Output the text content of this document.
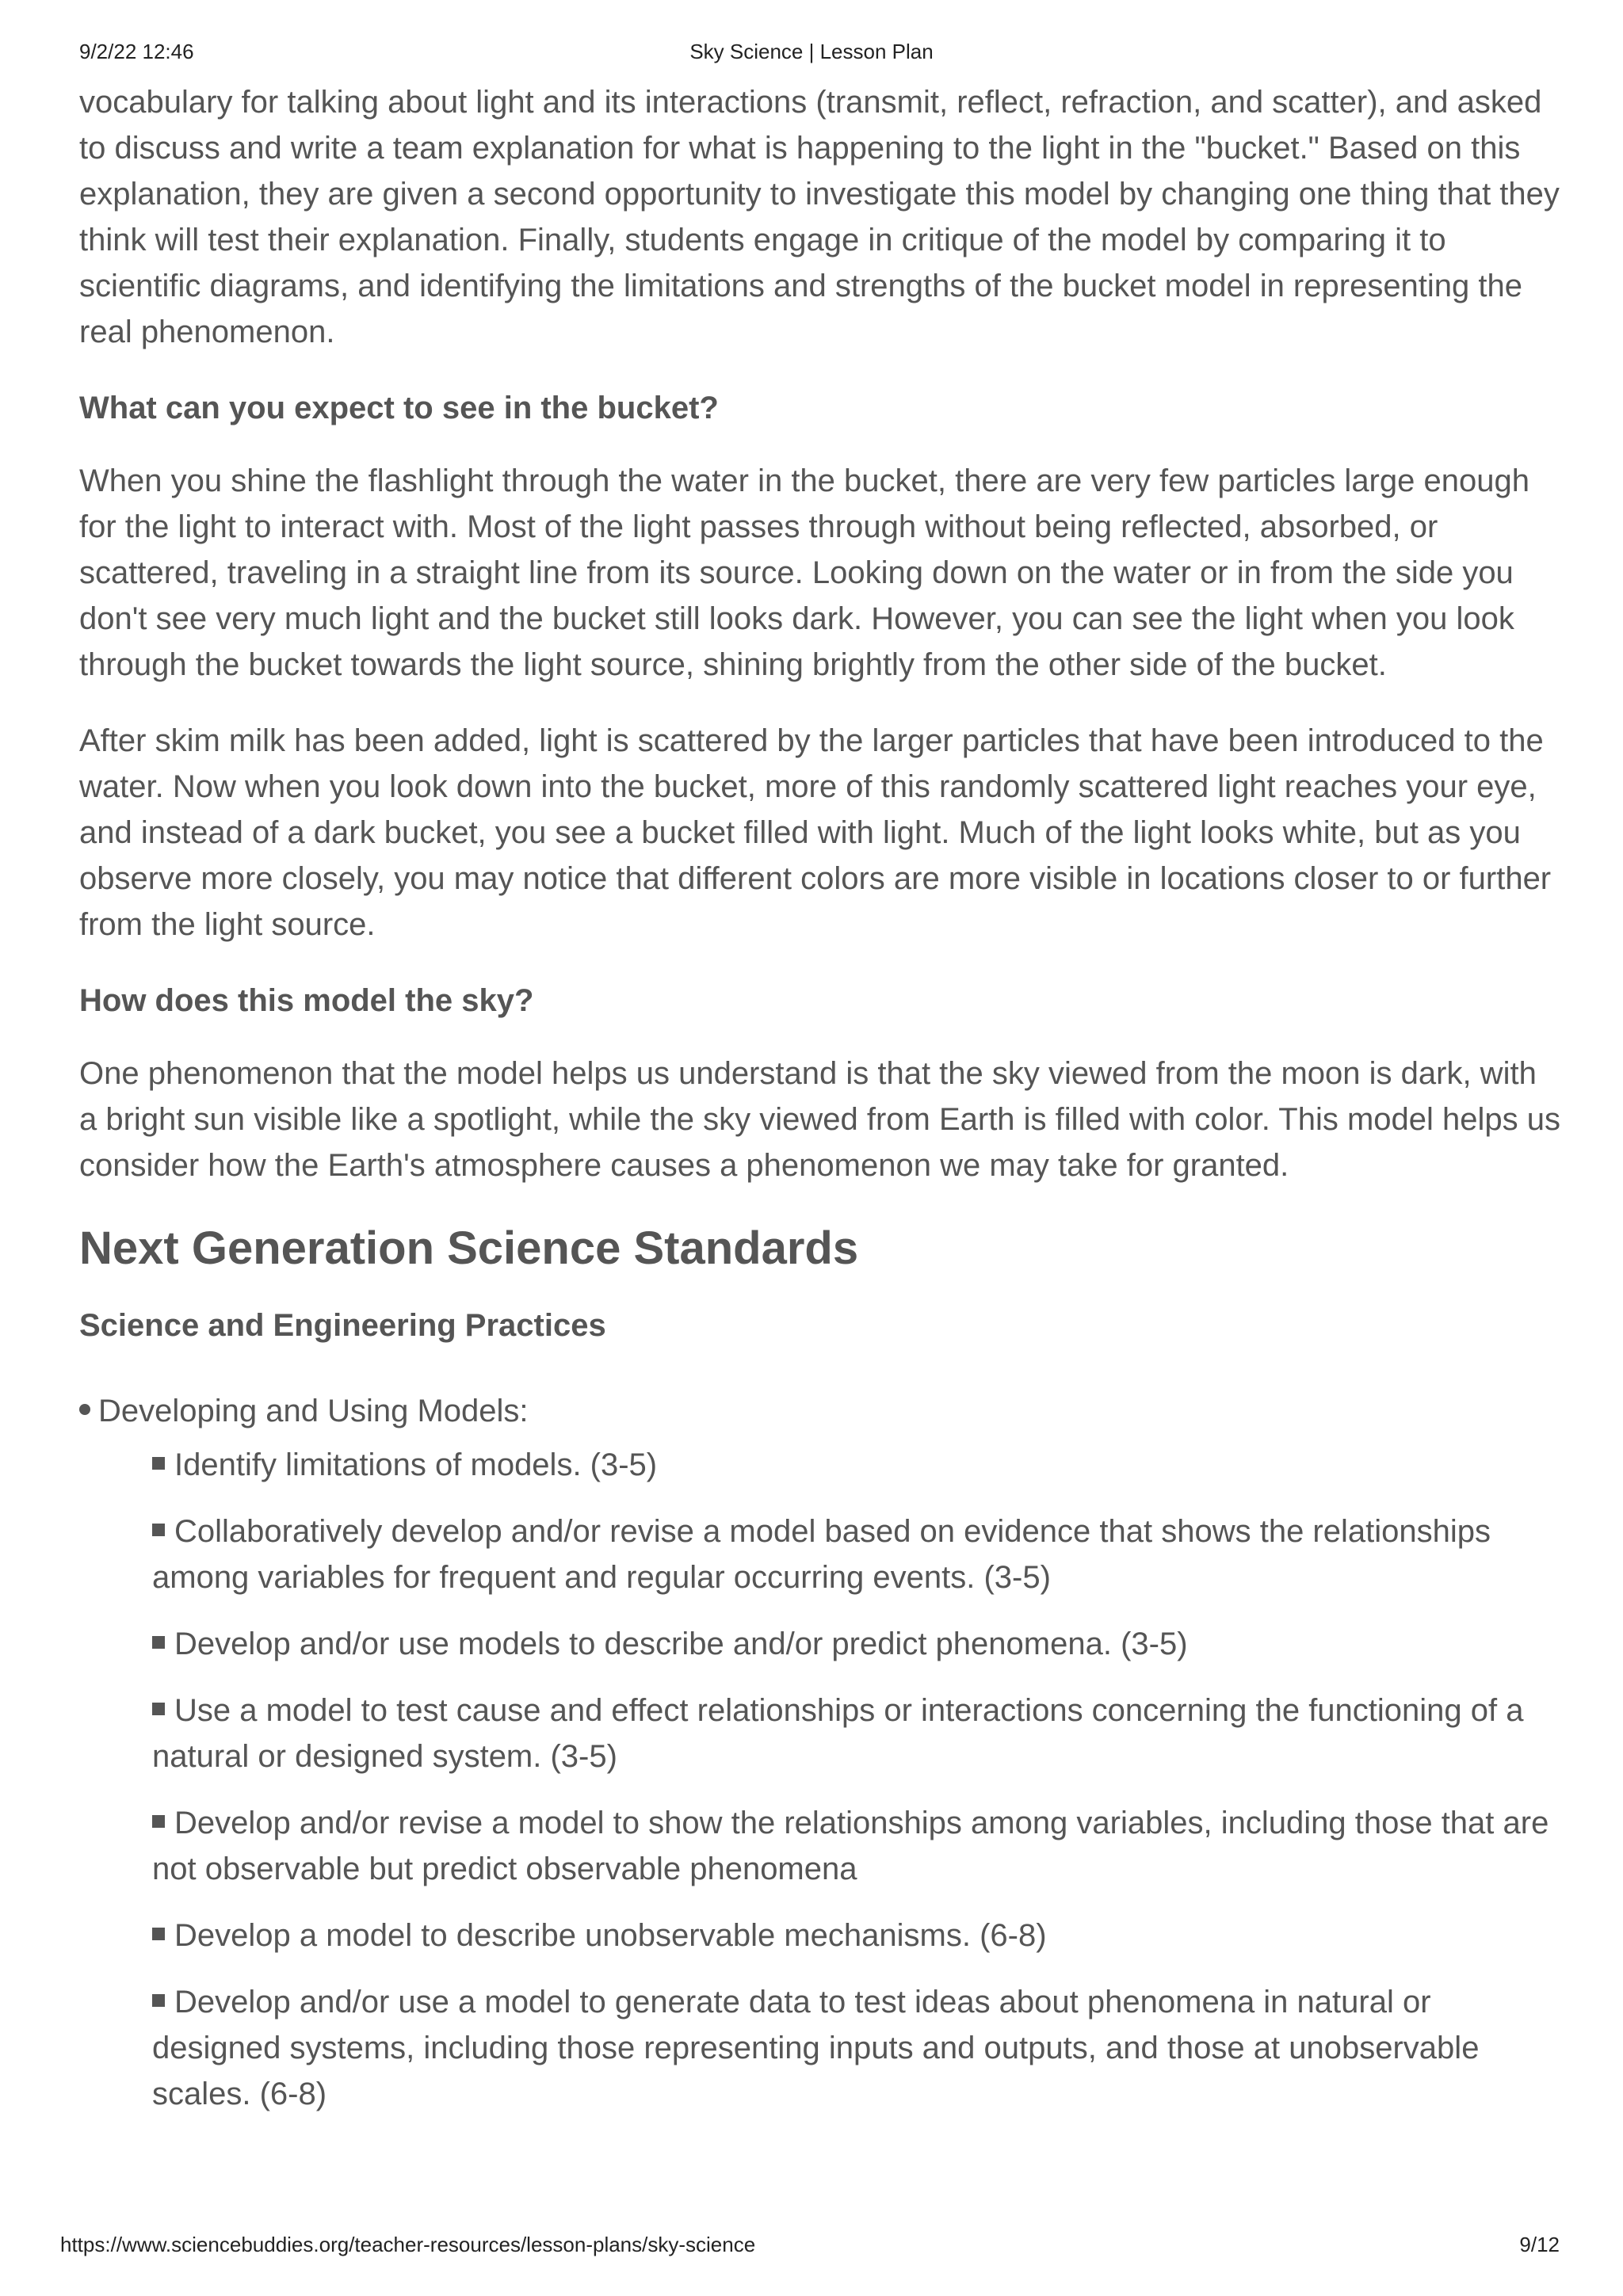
9/2/22 12:46	Sky Science | Lesson Plan

vocabulary for talking about light and its interactions (transmit, reflect, refraction, and scatter), and asked to discuss and write a team explanation for what is happening to the light in the "bucket." Based on this explanation, they are given a second opportunity to investigate this model by changing one thing that they think will test their explanation. Finally, students engage in critique of the model by comparing it to scientific diagrams, and identifying the limitations and strengths of the bucket model in representing the real phenomenon.

What can you expect to see in the bucket?

When you shine the flashlight through the water in the bucket, there are very few particles large enough for the light to interact with. Most of the light passes through without being reflected, absorbed, or scattered, traveling in a straight line from its source. Looking down on the water or in from the side you don't see very much light and the bucket still looks dark. However, you can see the light when you look through the bucket towards the light source, shining brightly from the other side of the bucket.

After skim milk has been added, light is scattered by the larger particles that have been introduced to the water. Now when you look down into the bucket, more of this randomly scattered light reaches your eye, and instead of a dark bucket, you see a bucket filled with light. Much of the light looks white, but as you observe more closely, you may notice that different colors are more visible in locations closer to or further from the light source.

How does this model the sky?

One phenomenon that the model helps us understand is that the sky viewed from the moon is dark, with a bright sun visible like a spotlight, while the sky viewed from Earth is filled with color. This model helps us consider how the Earth's atmosphere causes a phenomenon we may take for granted.

Next Generation Science Standards
Science and Engineering Practices
Developing and Using Models:
Identify limitations of models. (3-5)
Collaboratively develop and/or revise a model based on evidence that shows the relationships among variables for frequent and regular occurring events. (3-5)
Develop and/or use models to describe and/or predict phenomena. (3-5)
Use a model to test cause and effect relationships or interactions concerning the functioning of a natural or designed system. (3-5)
Develop and/or revise a model to show the relationships among variables, including those that are not observable but predict observable phenomena
Develop a model to describe unobservable mechanisms. (6-8)
Develop and/or use a model to generate data to test ideas about phenomena in natural or designed systems, including those representing inputs and outputs, and those at unobservable scales. (6-8)
https://www.sciencebuddies.org/teacher-resources/lesson-plans/sky-science	9/12
